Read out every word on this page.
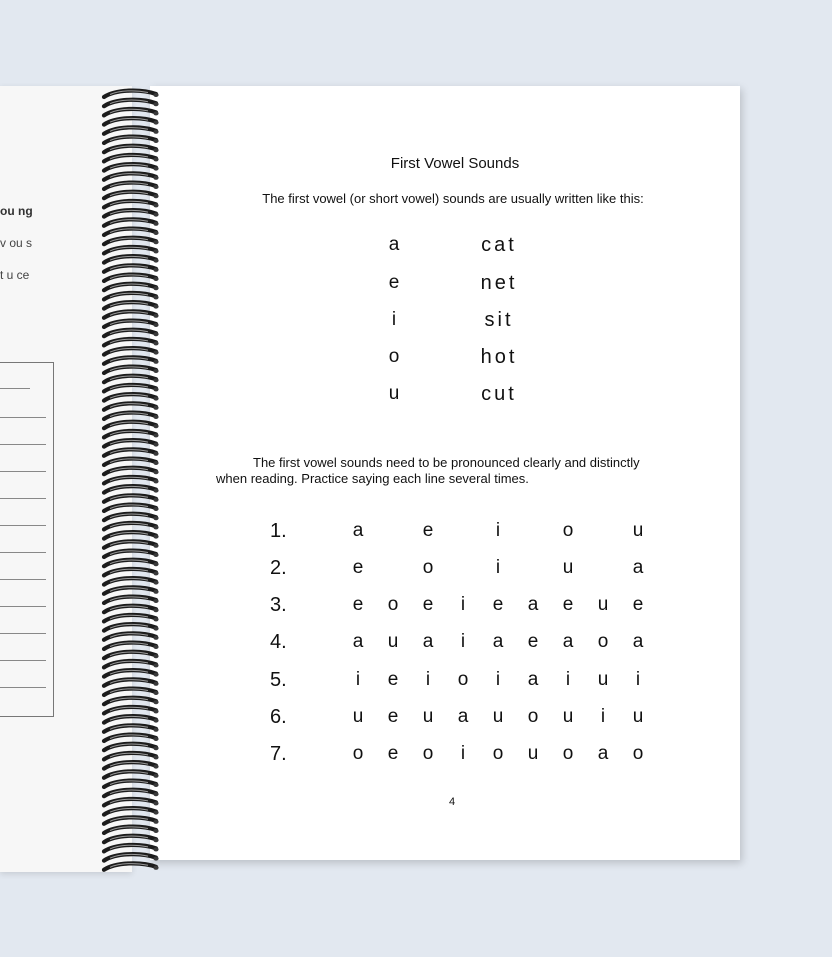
ou ng
v ou s
t u ce
First Vowel Sounds
The first vowel (or short vowel) sounds are usually written like this:
a	cat
e	net
i	sit
o	hot
u	cut
The first vowel sounds need to be pronounced clearly and distinctly
when reading. Practice saying each line several times.
1.	a	e	i	o	u
2.	e	o	i	u	a
3.	e	o	e	i	e	a	e	u	e
4.	a	u	a	i	a	e	a	o	a
5.	i	e	i	o	i	a	i	u	i
6.	u	e	u	a	u	o	u	i	u
7.	o	e	o	i	o	u	o	a	o
4
